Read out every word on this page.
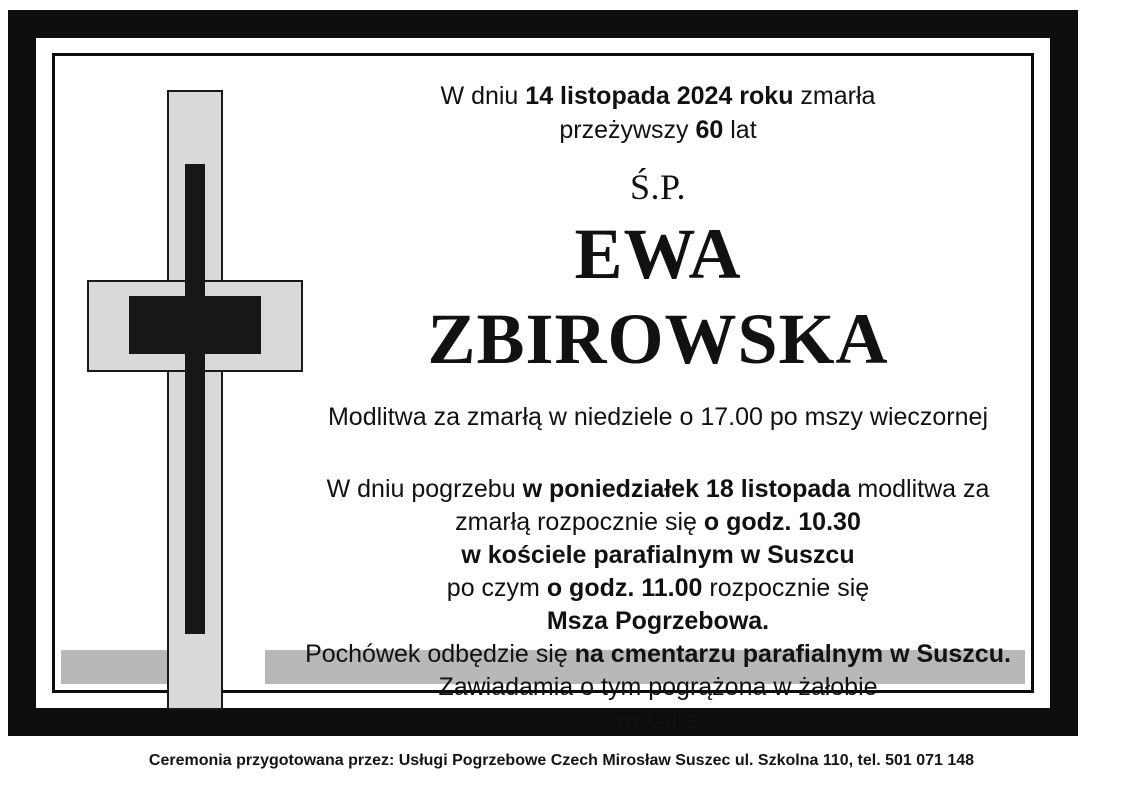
W dniu 14 listopada 2024 roku zmarła
przeżywszy 60 lat
Ś.P.
EWA
ZBIROWSKA
Modlitwa za zmarłą w niedziele o 17.00 po mszy wieczornej
W dniu pogrzebu w poniedziałek 18 listopada modlitwa za
zmarłą rozpocznie się o godz. 10.30
w kościele parafialnym w Suszcu
po czym o godz. 11.00 rozpocznie się
Msza Pogrzebowa.
Pochówek odbędzie się na cmentarzu parafialnym w Suszcu.
Zawiadamia o tym pogrążona w żałobie
rodzina
Ceremonia przygotowana przez: Usługi Pogrzebowe Czech Mirosław Suszec ul. Szkolna 110, tel. 501 071 148
